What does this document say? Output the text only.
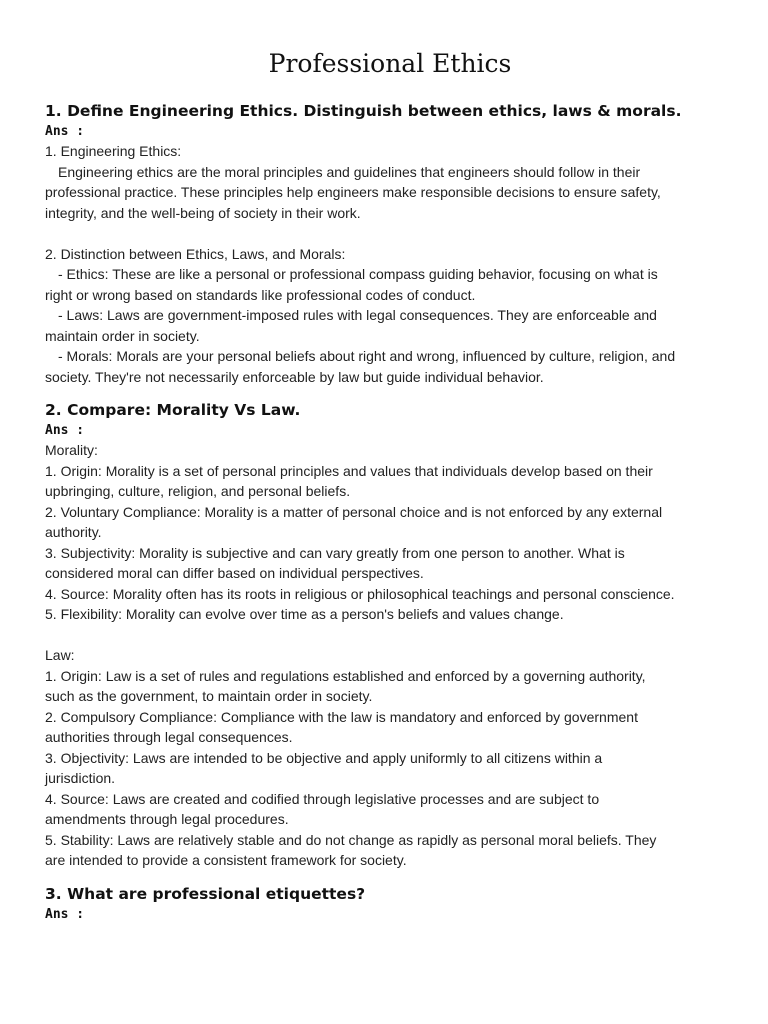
Professional Ethics
1. Define Engineering Ethics. Distinguish between ethics, laws & morals.

Ans :

1. Engineering Ethics:

Engineering ethics are the moral principles and guidelines that engineers should follow in their

professional practice. These principles help engineers make responsible decisions to ensure safety,

integrity, and the well-being of society in their work.

2. Distinction between Ethics, Laws, and Morals:

- Ethics: These are like a personal or professional compass guiding behavior, focusing on what is

right or wrong based on standards like professional codes of conduct.

- Laws: Laws are government-imposed rules with legal consequences. They are enforceable and

maintain order in society.

- Morals: Morals are your personal beliefs about right and wrong, influenced by culture, religion, and

society. They're not necessarily enforceable by law but guide individual behavior.

2. Compare: Morality Vs Law.

Ans :

Morality:

1. Origin: Morality is a set of personal principles and values that individuals develop based on their

upbringing, culture, religion, and personal beliefs.

2. Voluntary Compliance: Morality is a matter of personal choice and is not enforced by any external

authority.

3. Subjectivity: Morality is subjective and can vary greatly from one person to another. What is

considered moral can differ based on individual perspectives.

4. Source: Morality often has its roots in religious or philosophical teachings and personal conscience.

5. Flexibility: Morality can evolve over time as a person's beliefs and values change.

Law:

1. Origin: Law is a set of rules and regulations established and enforced by a governing authority,

such as the government, to maintain order in society.

2. Compulsory Compliance: Compliance with the law is mandatory and enforced by government

authorities through legal consequences.

3. Objectivity: Laws are intended to be objective and apply uniformly to all citizens within a

jurisdiction.

4. Source: Laws are created and codified through legislative processes and are subject to

amendments through legal procedures.

5. Stability: Laws are relatively stable and do not change as rapidly as personal moral beliefs. They

are intended to provide a consistent framework for society.

3. What are professional etiquettes?

Ans :
